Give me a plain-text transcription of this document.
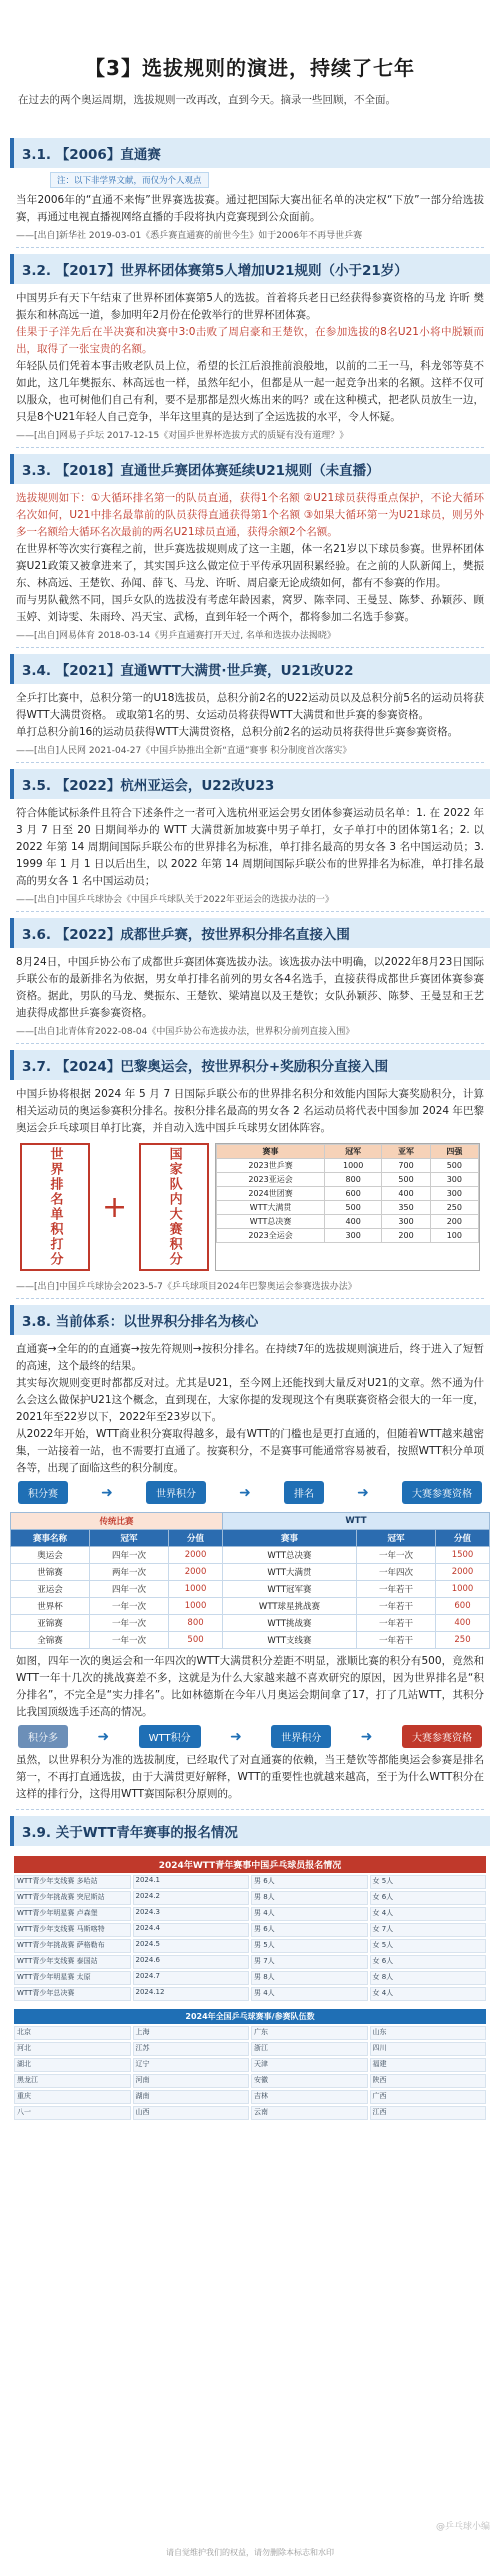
【3】选拔规则的演进，持续了七年
在过去的两个奥运周期，选拔规则一改再改，直到今天。摘录一些回顾，不全面。
3.1. 【2006】直通赛
注：以下非学界文献，而仅为个人观点

当年2006年的“直通不来悔”世界赛选拔赛。通过把国际大赛出征名单的决定权“下放”一部分给选拔赛，再通过电视直播视网络直播的手段将执内竞赛现到公众面前。

——[出自]新华社 2019-03-01《悉乒赛直通赛的前世今生》如于2006年不再导世乒赛
3.2. 【2017】世界杯团体赛第5人增加U21规则（小于21岁）

中国男乒有天下午结束了世界杯团体赛第5人的选拔。首着将兵老日已经获得参赛资格的马龙 许昕 樊振东和林高远一道，参加明年2月份在伦敦举行的世界杯团体赛。

佳果于子洋先后在半决赛和决赛中3:0击败了周启豪和王楚钦，在参加选拔的8名U21小将中脱颖而出，取得了一张宝贵的名额。

年轻队员们凭着本事击败老队员上位，希望的长江后浪推前浪般地，以前的二王一马，科龙邻等莫不如此，这几年樊振东、林高远也一样，虽然年纪小，但都是从一起一起竞争出来的名额。这样不仅可以服众，也可树他们自己有利，要不是那都是烈火炼出来的吗？或在这种模式，把老队员放生一边，只是8个U21年轻人自己竞争，半年这里真的是达到了全运选拔的水平，令人怀疑。

——[出自]网易子乒坛 2017-12-15《对国乒世界杯选拔方式的质疑有没有道理？》
3.3. 【2018】直通世乒赛团体赛延续U21规则（未直播）

选拔规则如下：①大循环排名第一的队员直通，获得1个名额 ②U21球员获得重点保护，不论大循环名次如何，U21中排名最靠前的队员获得直通获得第1个名额 ③如果大循环第一为U21球员，则另外多一名额给大循环名次最前的两名U21球员直通，获得余额2个名额。

在世界杯等次实行赛程之前，世乒赛选拔规则成了这一主题，体一名21岁以下球员参赛。世界杯团体赛U21政策又被拿进来了，其实国乒这么做定位于平传承巩固积累经验。在之前的人队新闻上，樊振东、林高远、王楚钦、孙闻、薛飞、马龙、许昕、周启豪无论成绩如何，都有不参赛的作用。

而与男队截然不同，国乒女队的选拔没有考虑年龄因素，窝罗、陈幸同、王曼昱、陈梦、孙颖莎、顾玉婷、刘诗雯、朱雨玲、冯天宝、武杨，直到年轻一个两个，都将参加二名选手参赛。

——[出自]网易体育 2018-03-14《男乒直通赛打开天过, 名单和选拔办法揭晓》
3.4. 【2021】直通WTT大满贯·世乒赛，U21改U22

全乒打比赛中，总积分第一的U18选拔员，总积分前2名的U22运动员以及总积分前5名的运动员将获得WTT大满贯资格。 或取第1名的男、女运动员将获得WTT大满贯和世乒赛的参赛资格。

单打总积分前16的运动员获得WTT大满贯资格，总积分前2名的运动员将获得世乒赛参赛资格。

——[出自]人民网 2021-04-27《中国乒协推出全新“直通”赛事 积分制度首次落实》
3.5. 【2022】杭州亚运会，U22改U23

符合体能试标条件且符合下述条件之一者可入选杭州亚运会男女团体参赛运动员名单：1. 在 2022 年 3 月 7 日至 20 日期间举办的 WTT 大满贯新加坡赛中男子单打，女子单打中的团体第1名；2. 以 2022 年第 14 周期间国际乒联公布的世界排名为标准，单打排名最高的男女各 3 名中国运动员；3. 1999 年 1 月 1 日以后出生，以 2022 年第 14 周期间国际乒联公布的世界排名为标准，单打排名最高的男女各 1 名中国运动员；

——[出自]中国乒乓球协会《中国乒乓球队关于2022年亚运会的选拔办法的一》
3.6. 【2022】成都世乒赛，按世界积分排名直接入围

8月24日，中国乒协公布了成都世乒赛团体赛选拔办法。该选拔办法中明确，以2022年8月23日国际乒联公布的最新排名为依据，男女单打排名前列的男女各4名选手，直接获得成都世乒赛团体赛参赛资格。据此，男队的马龙、樊振东、王楚钦、梁靖崑以及王楚钦；女队孙颖莎、陈梦、王曼昱和王艺迪获得成都世乒赛参赛资格。

——[出自]北青体育2022-08-04《中国乒协公布选拔办法，世界积分前列直接入围》
3.7. 【2024】巴黎奥运会，按世界积分+奖励积分直接入围

中国乒协将根据 2024 年 5 月 7 日国际乒联公布的世界排名积分和效能内国际大赛奖励积分，计算相关运动员的奥运参赛积分排名。按积分排名最高的男女各 2 名运动员将代表中国参加 2024 年巴黎奥运会乒乓球项目单打比赛，并自动入选中国乒乓球男女团体阵容。

世界排名单积打分	+	国家队内大赛积分	赛事	冠军	亚军	四强
2023世乒赛	1000	700	500
2023亚运会	800	500	300
2024世团赛	600	400	300
WTT大满贯	500	350	250
WTT总决赛	400	300	200
2023全运会	300	200	100
——[出自]中国乒乓球协会2023-5-7《乒乓球项目2024年巴黎奥运会参赛选拔办法》
3.8. 当前体系：以世界积分排名为核心

直通赛→全年的的直通赛→按先符规则→按积分排名。在持续7年的选拔规则演进后，终于进入了短暂的高速，这个最终的结果。

其实每次规则变更时都都反对过。尤其是U21，至今网上还能找到大量反对U21的文章。然不通为什么会这么做保护U21这个概念，直到现在，大家你提的发现现这个有奥联赛资格会很大的一年一度，2021年至22岁以下，2022年至23岁以下。

从2022年开始，WTT商业积分赛取得越多，最有WTT的门槛也是更打直通的，但随着WTT越来越密集，一站接着一站，也不需要打直通了。按赛积分，不是赛事可能通常容易被看，按照WTT积分单项各等，出现了面临这些的积分制度。

积分赛	➜	世界积分	➜	排名	➜	大赛参赛资格
传统比赛			WTT		
赛事名称	冠军	分值	赛事	冠军	分值
奥运会	四年一次	2000	WTT总决赛	一年一次	1500
世锦赛	两年一次	2000	WTT大满贯	一年四次	2000
亚运会	四年一次	1000	WTT冠军赛	一年若干	1000
世界杯	一年一次	1000	WTT球星挑战赛	一年若干	600
亚锦赛	一年一次	800	WTT挑战赛	一年若干	400
全锦赛	一年一次	500	WTT支线赛	一年若干	250

如图，四年一次的奥运会和一年四次的WTT大满贯积分差距不明显，涨顺比赛的积分有500，竟然和WTT一年十几次的挑战赛差不多，这就是为什么大家越来越不喜欢研究的原因，因为世界排名是“积分排名”，不完全是“实力排名”。比如林德斯在今年八月奥运会期间拿了17，打了几站WTT，其积分比我国顶级选手还高的情况。

积分多	➜	WTT积分	➜	世界积分	➜	大赛参赛资格

虽然，以世界积分为准的选拔制度，已经取代了对直通赛的依赖，当王楚钦等都能奥运会参赛是排名第一，不再打直通选拔，由于大满贯更好解释，WTT的重要性也就越来越高，至于为什么WTT积分在这样的排行分，这得用WTT赛国际积分原则的。

3.9. 关于WTT青年赛事的报名情况
2024年WTT青年赛事中国乒乓球员报名情况
WTT青少年支线赛 多哈站	2024.1	男 6人	女 5人
WTT青少年挑战赛 突尼斯站	2024.2	男 8人	女 6人
WTT青少年明星赛 卢森堡	2024.3	男 4人	女 4人
WTT青少年支线赛 马斯喀特	2024.4	男 6人	女 7人
WTT青少年挑战赛 萨格勒布	2024.5	男 5人	女 5人
WTT青少年支线赛 泰国站	2024.6	男 7人	女 6人
WTT青少年明星赛 太原	2024.7	男 8人	女 8人
WTT青少年总决赛	2024.12	男 4人	女 4人
2024年全国乒乓球赛事/参赛队伍数
北京	上海	广东	山东
河北	江苏	浙江	四川
湖北	辽宁	天津	福建
黑龙江	河南	安徽	陕西
重庆	湖南	吉林	广西
八一	山西	云南	江西
@乒乓球小编
请自觉维护我们的权益，请勿删除本标志和水印
